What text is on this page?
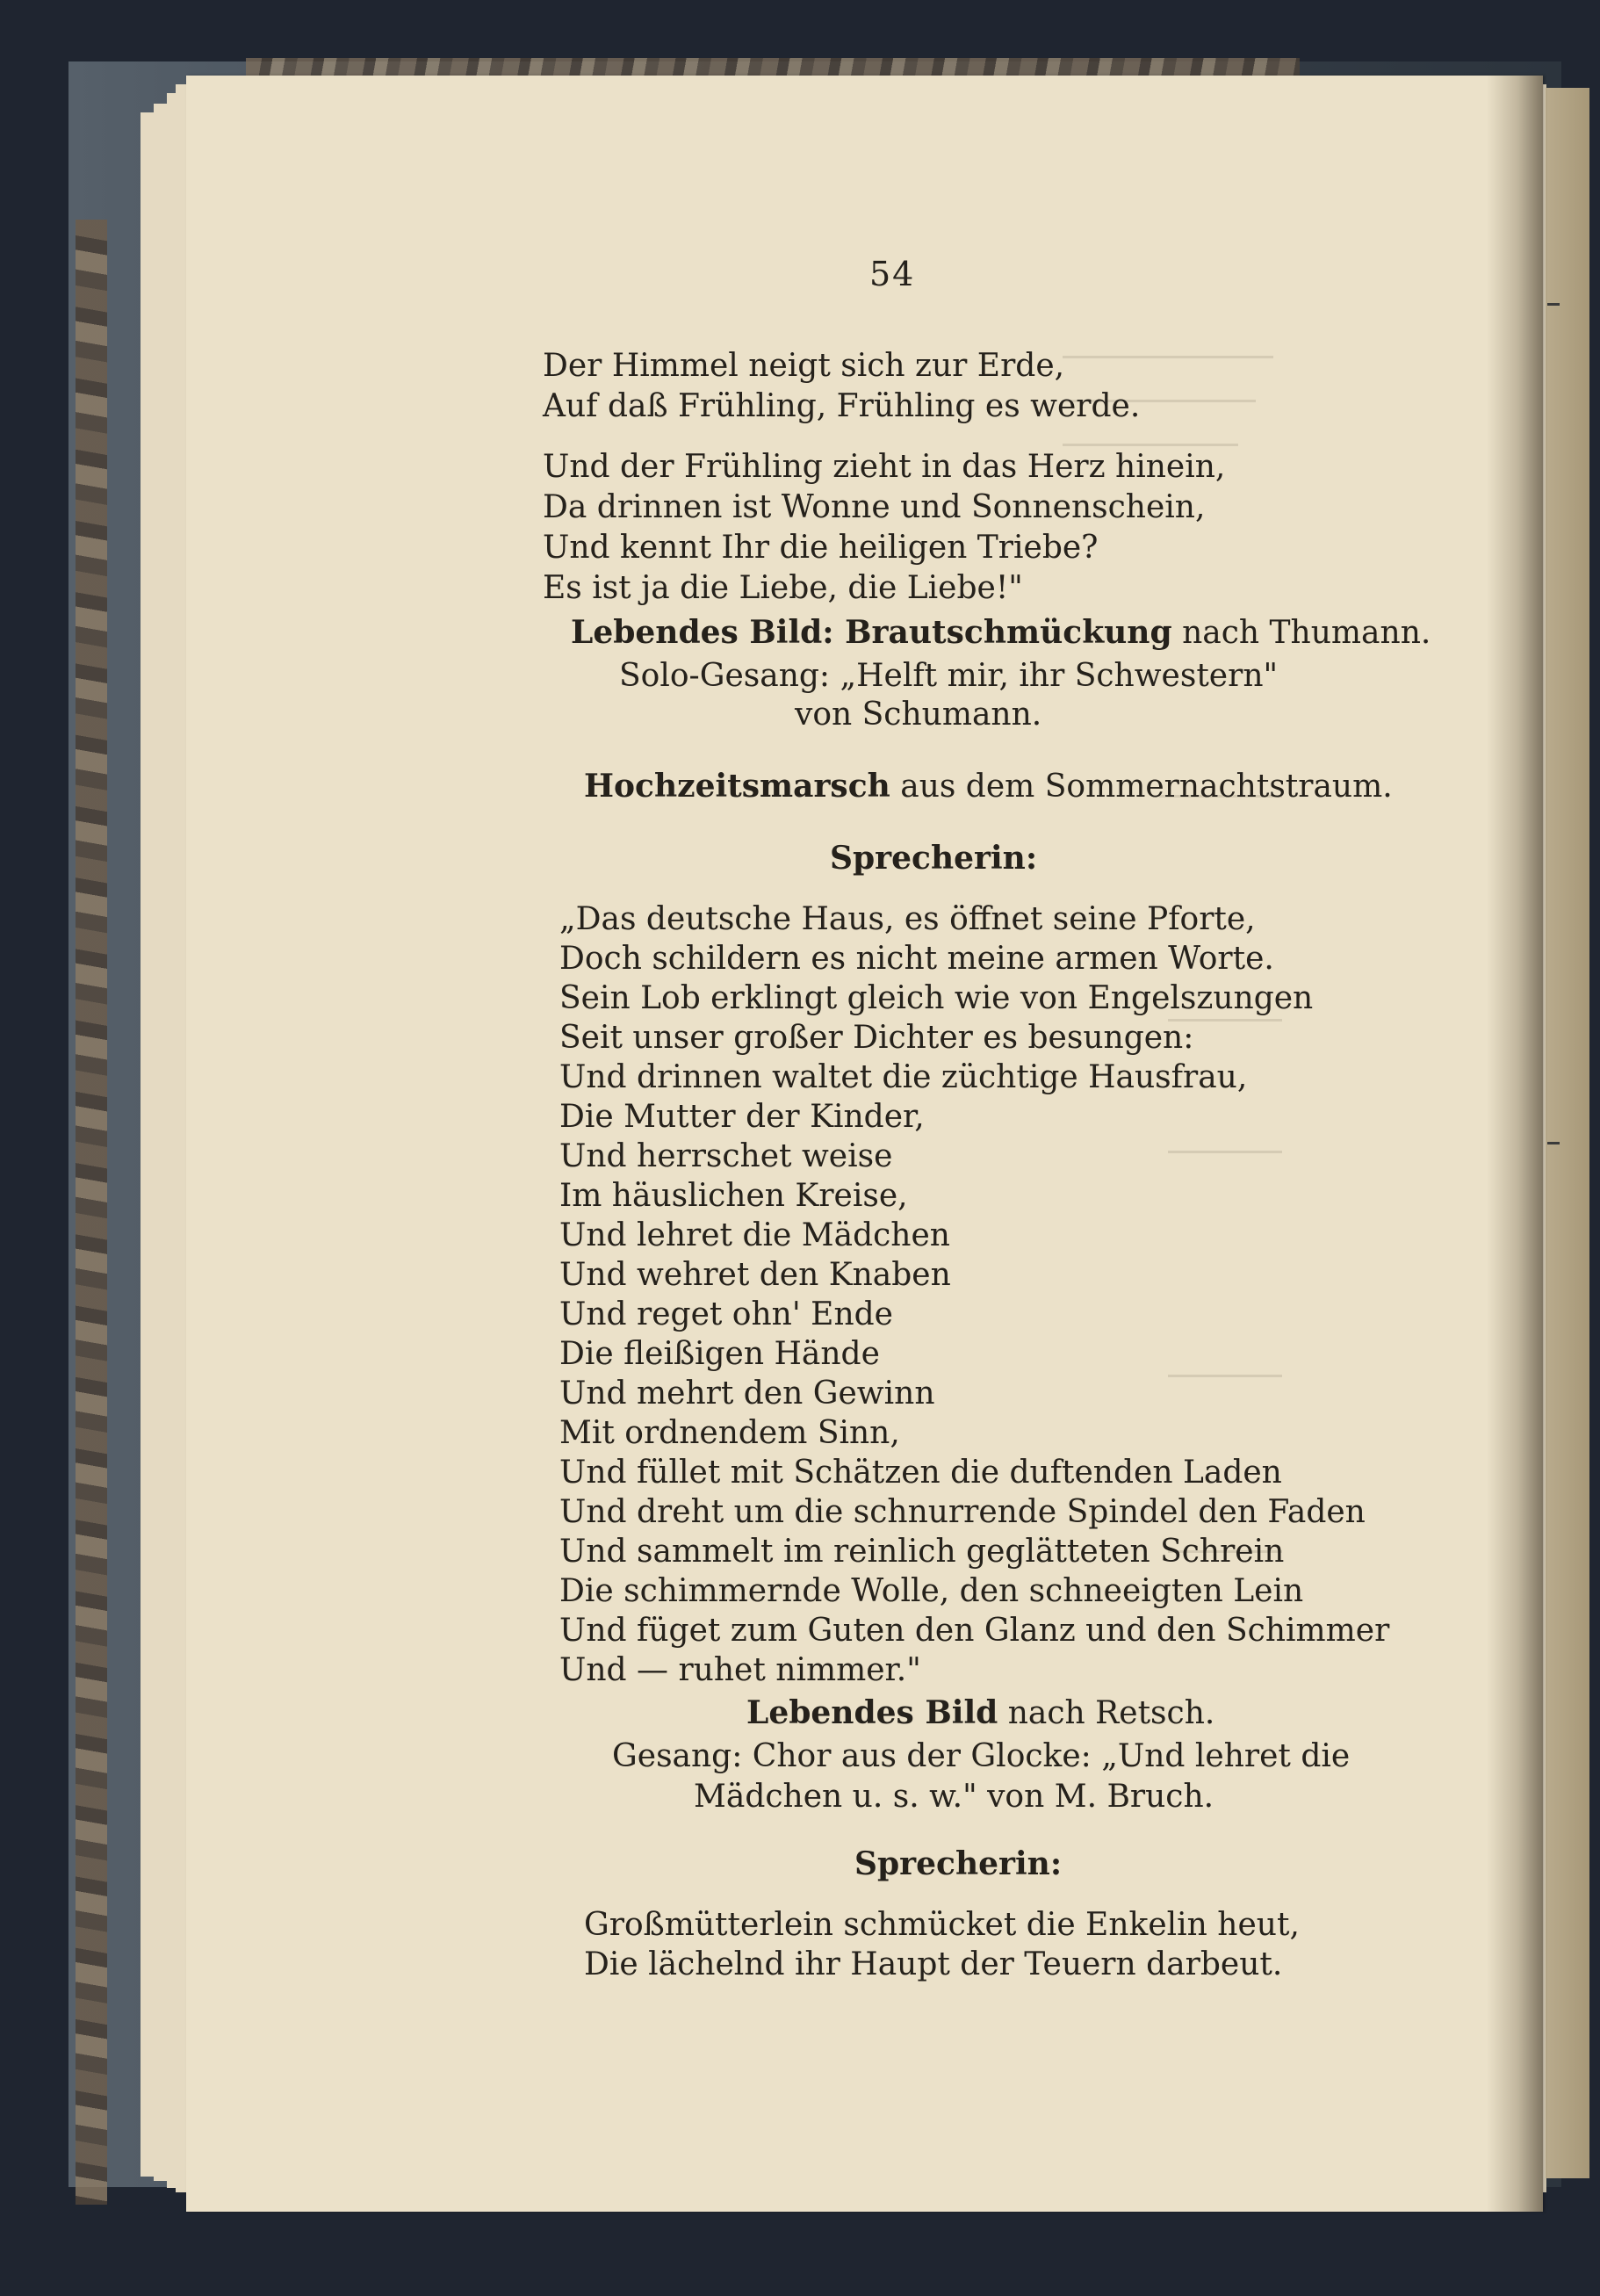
54
Der Himmel neigt sich zur Erde,
Auf daß Frühling, Frühling es werde.
Und der Frühling zieht in das Herz hinein,
Da drinnen ist Wonne und Sonnenschein,
Und kennt Ihr die heiligen Triebe?
Es ist ja die Liebe, die Liebe!"
Lebendes Bild: Brautschmückung nach Thumann.
Solo-Gesang: „Helft mir, ihr Schwestern"
von Schumann.
Hochzeitsmarsch aus dem Sommernachtstraum.
Sprecherin:
„Das deutsche Haus, es öffnet seine Pforte,
Doch schildern es nicht meine armen Worte.
Sein Lob erklingt gleich wie von Engelszungen
Seit unser großer Dichter es besungen:
Und drinnen waltet die züchtige Hausfrau,
Die Mutter der Kinder,
Und herrschet weise
Im häuslichen Kreise,
Und lehret die Mädchen
Und wehret den Knaben
Und reget ohn' Ende
Die fleißigen Hände
Und mehrt den Gewinn
Mit ordnendem Sinn,
Und füllet mit Schätzen die duftenden Laden
Und dreht um die schnurrende Spindel den Faden
Und sammelt im reinlich geglätteten Schrein
Die schimmernde Wolle, den schneeigten Lein
Und füget zum Guten den Glanz und den Schimmer
Und — ruhet nimmer."
Lebendes Bild nach Retsch.
Gesang: Chor aus der Glocke: „Und lehret die
Mädchen u. s. w." von M. Bruch.
Sprecherin:
Großmütterlein schmücket die Enkelin heut,
Die lächelnd ihr Haupt der Teuern darbeut.
